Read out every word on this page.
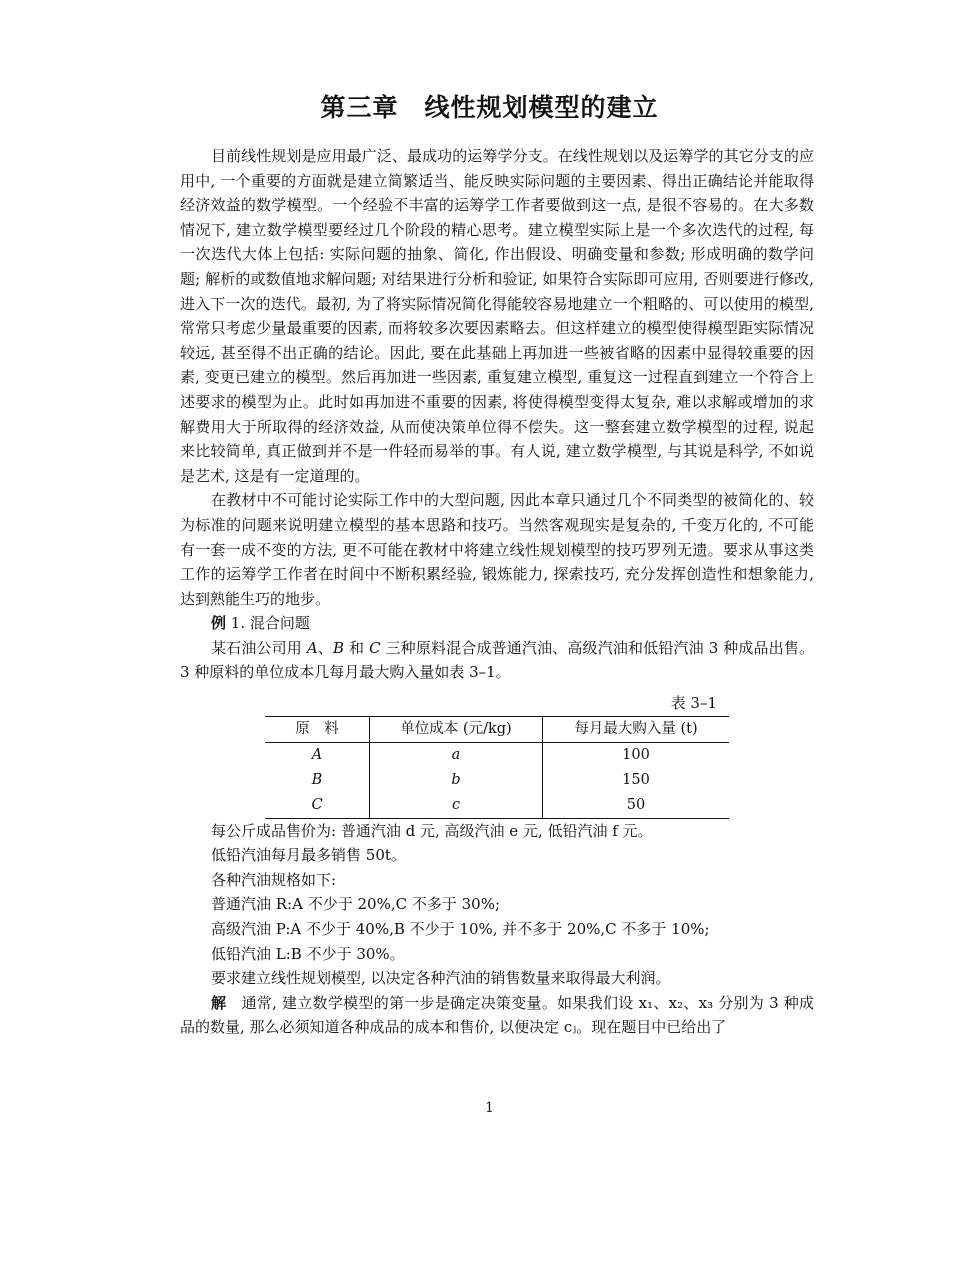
第三章　线性规划模型的建立

目前线性规划是应用最广泛、最成功的运筹学分支。在线性规划以及运筹学的其它分支的应用中, 一个重要的方面就是建立简繁适当、能反映实际问题的主要因素、得出正确结论并能取得经济效益的数学模型。一个经验不丰富的运筹学工作者要做到这一点, 是很不容易的。在大多数情况下, 建立数学模型要经过几个阶段的精心思考。建立模型实际上是一个多次迭代的过程, 每一次迭代大体上包括: 实际问题的抽象、简化, 作出假设、明确变量和参数; 形成明确的数学问题; 解析的或数值地求解问题; 对结果进行分析和验证, 如果符合实际即可应用, 否则要进行修改, 进入下一次的迭代。最初, 为了将实际情况简化得能较容易地建立一个粗略的、可以使用的模型, 常常只考虑少量最重要的因素, 而将较多次要因素略去。但这样建立的模型使得模型距实际情况较远, 甚至得不出正确的结论。因此, 要在此基础上再加进一些被省略的因素中显得较重要的因素, 变更已建立的模型。然后再加进一些因素, 重复建立模型, 重复这一过程直到建立一个符合上述要求的模型为止。此时如再加进不重要的因素, 将使得模型变得太复杂, 难以求解或增加的求解费用大于所取得的经济效益, 从而使决策单位得不偿失。这一整套建立数学模型的过程, 说起来比较简单, 真正做到并不是一件轻而易举的事。有人说, 建立数学模型, 与其说是科学, 不如说是艺术, 这是有一定道理的。

在教材中不可能讨论实际工作中的大型问题, 因此本章只通过几个不同类型的被简化的、较为标准的问题来说明建立模型的基本思路和技巧。当然客观现实是复杂的, 千变万化的, 不可能有一套一成不变的方法, 更不可能在教材中将建立线性规划模型的技巧罗列无遗。要求从事这类工作的运筹学工作者在时间中不断积累经验, 锻炼能力, 探索技巧, 充分发挥创造性和想象能力, 达到熟能生巧的地步。

例 1. 混合问题

某石油公司用 A、B 和 C 三种原料混合成普通汽油、高级汽油和低铅汽油 3 种成品出售。3 种原料的单位成本几每月最大购入量如表 3–1。

表 3–1
原　料	单位成本 (元/kg)	每月最大购入量 (t)
A	a	100
B	b	150
C	c	50

每公斤成品售价为: 普通汽油 d 元, 高级汽油 e 元, 低铅汽油 f 元。

低铅汽油每月最多销售 50t。

各种汽油规格如下:

普通汽油 R:A 不少于 20%,C 不多于 30%;

高级汽油 P:A 不少于 40%,B 不少于 10%, 并不多于 20%,C 不多于 10%;

低铅汽油 L:B 不少于 30%。

要求建立线性规划模型, 以决定各种汽油的销售数量来取得最大利润。

解　 通常, 建立数学模型的第一步是确定决策变量。如果我们设 x₁、x₂、x₃ 分别为 3 种成品的数量, 那么必须知道各种成品的成本和售价, 以便决定 cⱼ。现在题目中已给出了

1
